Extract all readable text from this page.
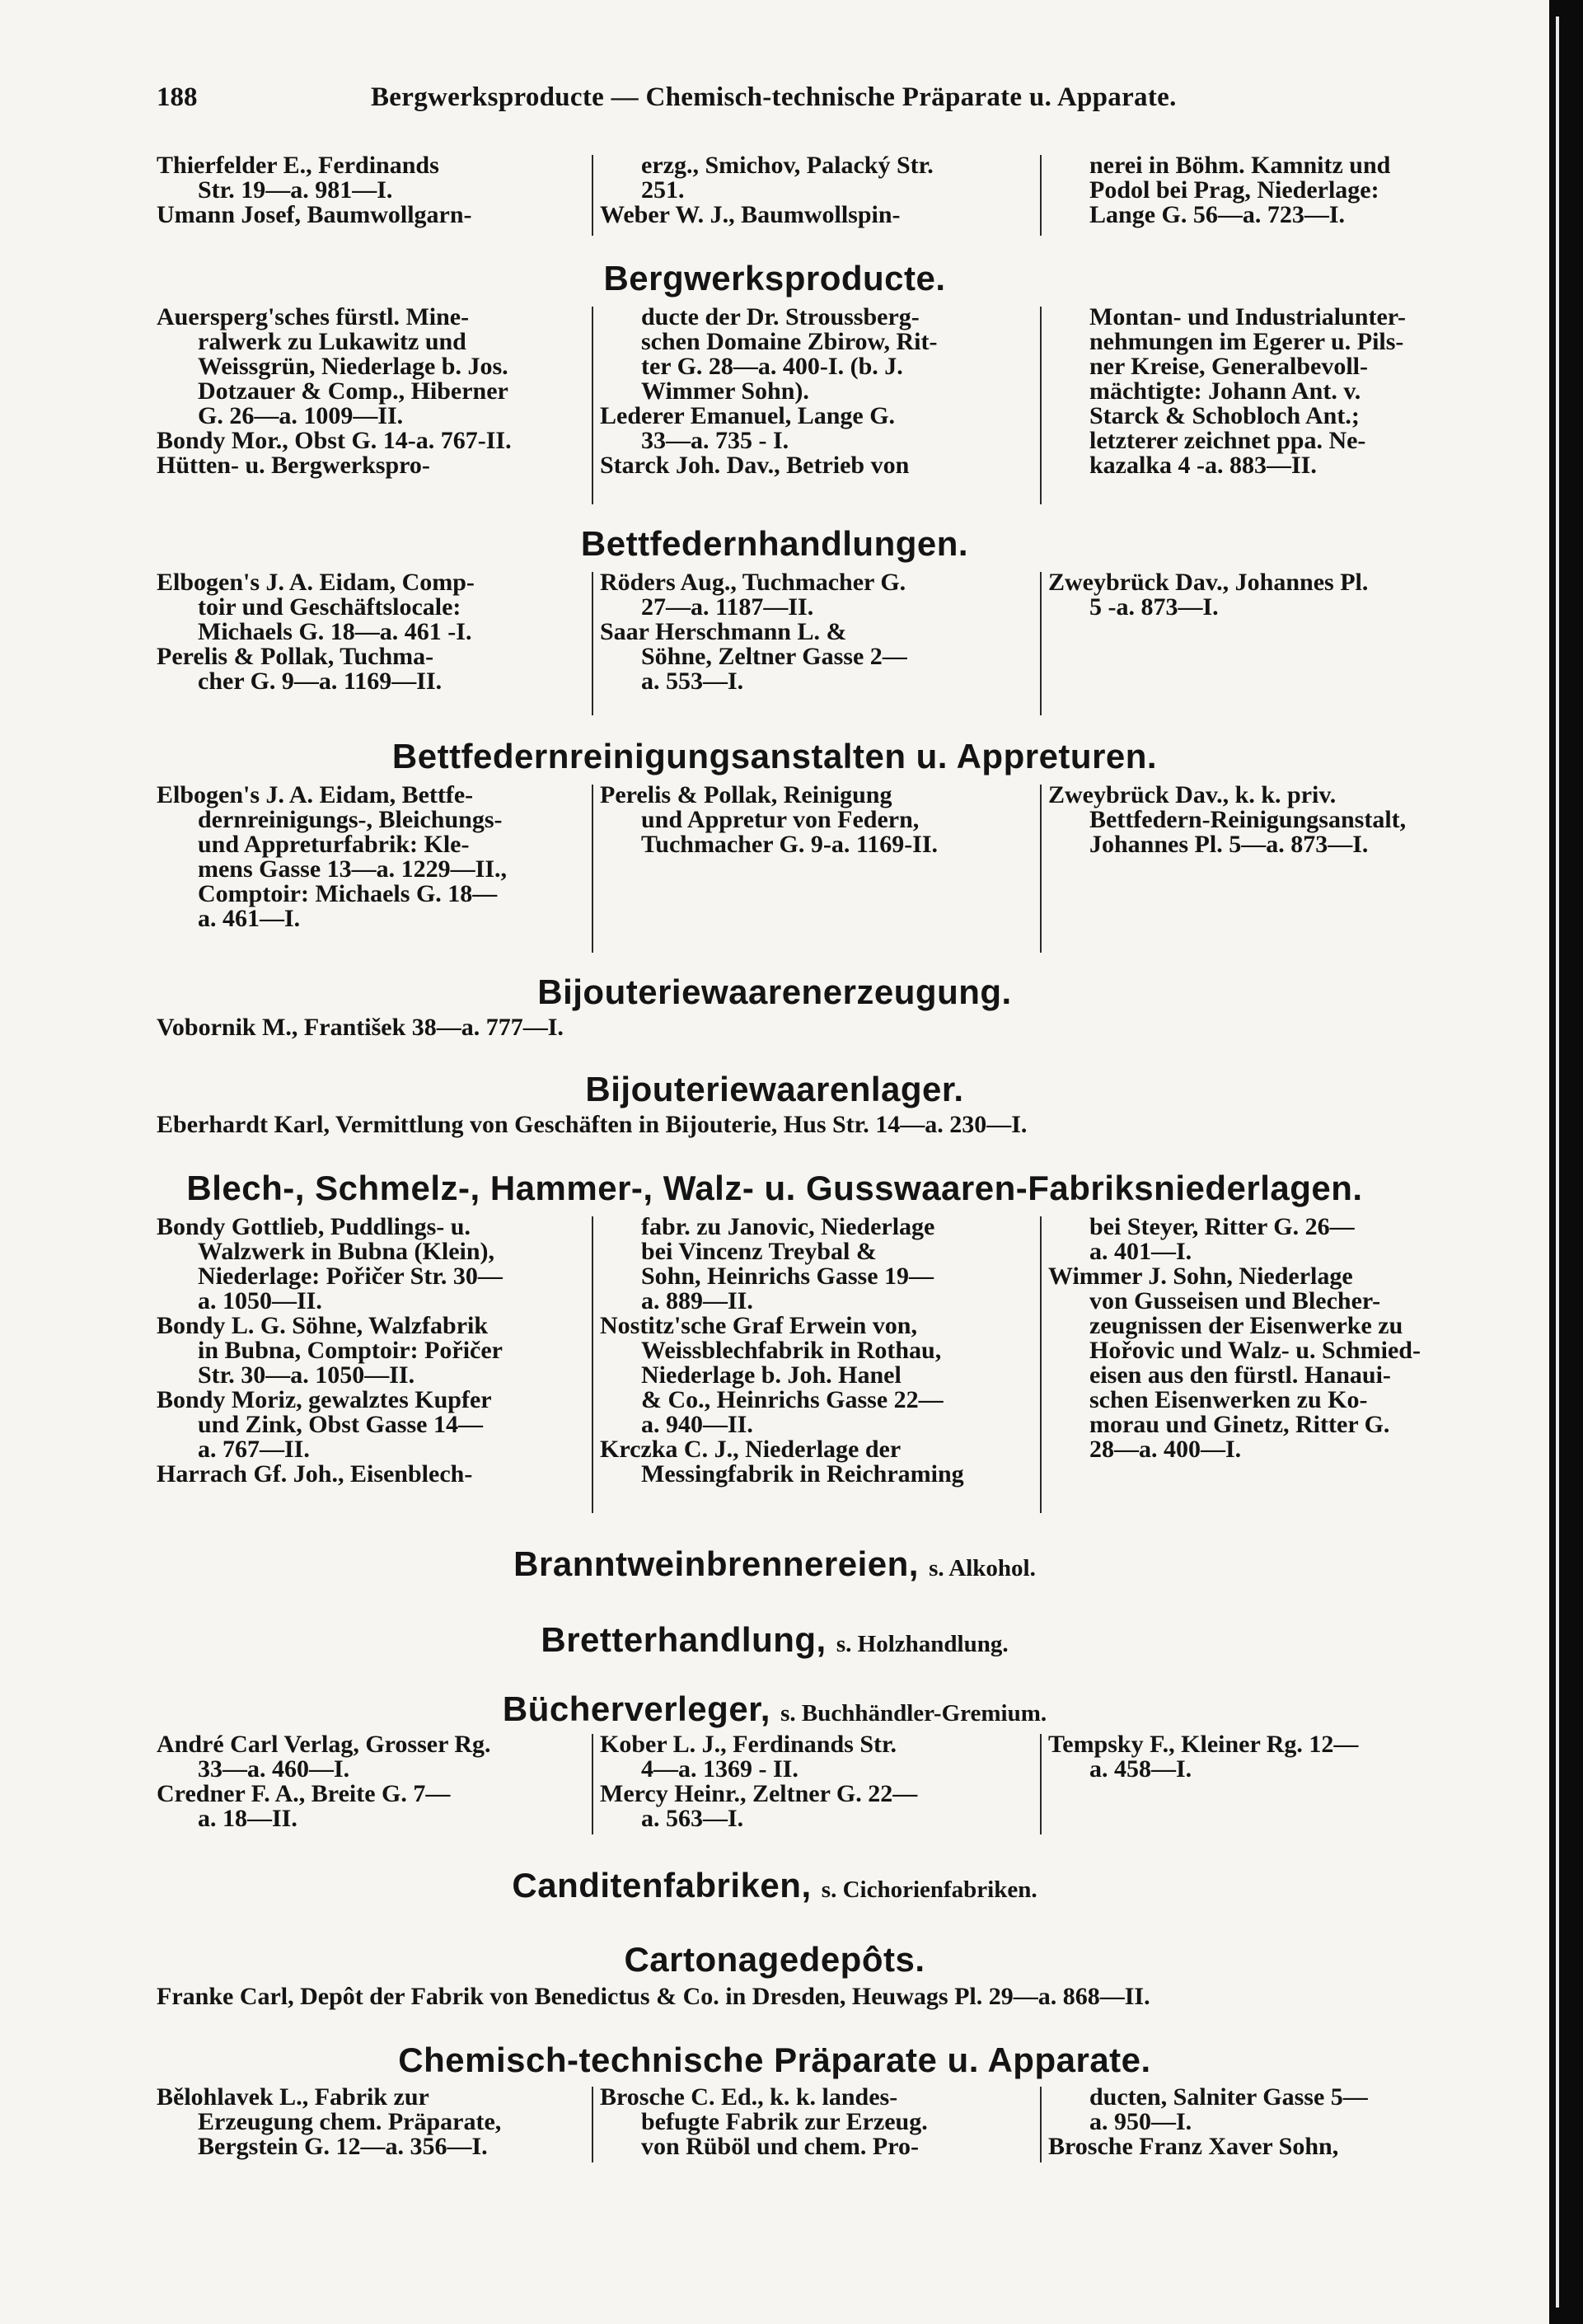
188	Bergwerksproducte — Chemisch-technische Präparate u. Apparate.

Thierfelder E., Ferdinands
Str. 19—a. 981—I.

Umann Josef, Baumwollgarn-

erzg., Smichov, Palacký Str.
251.

Weber W. J., Baumwollspin-

nerei in Böhm. Kamnitz und
Podol bei Prag, Niederlage:
Lange G. 56—a. 723—I.

Bergwerksproducte.

Auersperg'sches fürstl. Mine-
ralwerk zu Lukawitz und
Weissgrün, Niederlage b. Jos.
Dotzauer & Comp., Hiberner
G. 26—a. 1009—II.

Bondy Mor., Obst G. 14-a. 767-II.

Hütten- u. Bergwerkspro-

ducte der Dr. Stroussberg-
schen Domaine Zbirow, Rit-
ter G. 28—a. 400-I. (b. J.
Wimmer Sohn).

Lederer Emanuel, Lange G.
33—a. 735 - I.

Starck Joh. Dav., Betrieb von

Montan- und Industrialunter-
nehmungen im Egerer u. Pils-
ner Kreise, Generalbevoll-
mächtigte: Johann Ant. v.
Starck & Schobloch Ant.;
letzterer zeichnet ppa. Ne-
kazalka 4 -a. 883—II.

Bettfedernhandlungen.

Elbogen's J. A. Eidam, Comp-
toir und Geschäftslocale:
Michaels G. 18—a. 461 -I.

Perelis & Pollak, Tuchma-
cher G. 9—a. 1169—II.

Röders Aug., Tuchmacher G.
27—a. 1187—II.

Saar Herschmann L. &
Söhne, Zeltner Gasse 2—
a. 553—I.

Zweybrück Dav., Johannes Pl.
5 -a. 873—I.

Bettfedernreinigungsanstalten u. Appreturen.

Elbogen's J. A. Eidam, Bettfe-
dernreinigungs-, Bleichungs-
und Appreturfabrik: Kle-
mens Gasse 13—a. 1229—II.,
Comptoir: Michaels G. 18—
a. 461—I.

Perelis & Pollak, Reinigung
und Appretur von Federn,
Tuchmacher G. 9-a. 1169-II.

Zweybrück Dav., k. k. priv.
Bettfedern-Reinigungsanstalt,
Johannes Pl. 5—a. 873—I.

Bijouteriewaarenerzeugung.
Vobornik M., František 38—a. 777—I.
Bijouteriewaarenlager.
Eberhardt Karl, Vermittlung von Geschäften in Bijouterie, Hus Str. 14—a. 230—I.
Blech-, Schmelz-, Hammer-, Walz- u. Gusswaaren-Fabriksniederlagen.

Bondy Gottlieb, Puddlings- u.
Walzwerk in Bubna (Klein),
Niederlage: Pořičer Str. 30—
a. 1050—II.

Bondy L. G. Söhne, Walzfabrik
in Bubna, Comptoir: Pořičer
Str. 30—a. 1050—II.

Bondy Moriz, gewalztes Kupfer
und Zink, Obst Gasse 14—
a. 767—II.

Harrach Gf. Joh., Eisenblech-

fabr. zu Janovic, Niederlage
bei Vincenz Treybal &
Sohn, Heinrichs Gasse 19—
a. 889—II.

Nostitz'sche Graf Erwein von,
Weissblechfabrik in Rothau,
Niederlage b. Joh. Hanel
& Co., Heinrichs Gasse 22—
a. 940—II.

Krczka C. J., Niederlage der
Messingfabrik in Reichraming

bei Steyer, Ritter G. 26—
a. 401—I.

Wimmer J. Sohn, Niederlage
von Gusseisen und Blecher-
zeugnissen der Eisenwerke zu
Hořovic und Walz- u. Schmied-
eisen aus den fürstl. Hanaui-
schen Eisenwerken zu Ko-
morau und Ginetz, Ritter G.
28—a. 400—I.

Branntweinbrennereien, s. Alkohol.
Bretterhandlung, s. Holzhandlung.
Bücherverleger, s. Buchhändler-Gremium.

André Carl Verlag, Grosser Rg.
33—a. 460—I.

Credner F. A., Breite G. 7—
a. 18—II.

Kober L. J., Ferdinands Str.
4—a. 1369 - II.

Mercy Heinr., Zeltner G. 22—
a. 563—I.

Tempsky F., Kleiner Rg. 12—
a. 458—I.

Canditenfabriken, s. Cichorienfabriken.
Cartonagedepôts.
Franke Carl, Depôt der Fabrik von Benedictus & Co. in Dresden, Heuwags Pl. 29—a. 868—II.
Chemisch-technische Präparate u. Apparate.

Bělohlavek L., Fabrik zur
Erzeugung chem. Präparate,
Bergstein G. 12—a. 356—I.

Brosche C. Ed., k. k. landes-
befugte Fabrik zur Erzeug.
von Rüböl und chem. Pro-

ducten, Salniter Gasse 5—
a. 950—I.

Brosche Franz Xaver Sohn,
